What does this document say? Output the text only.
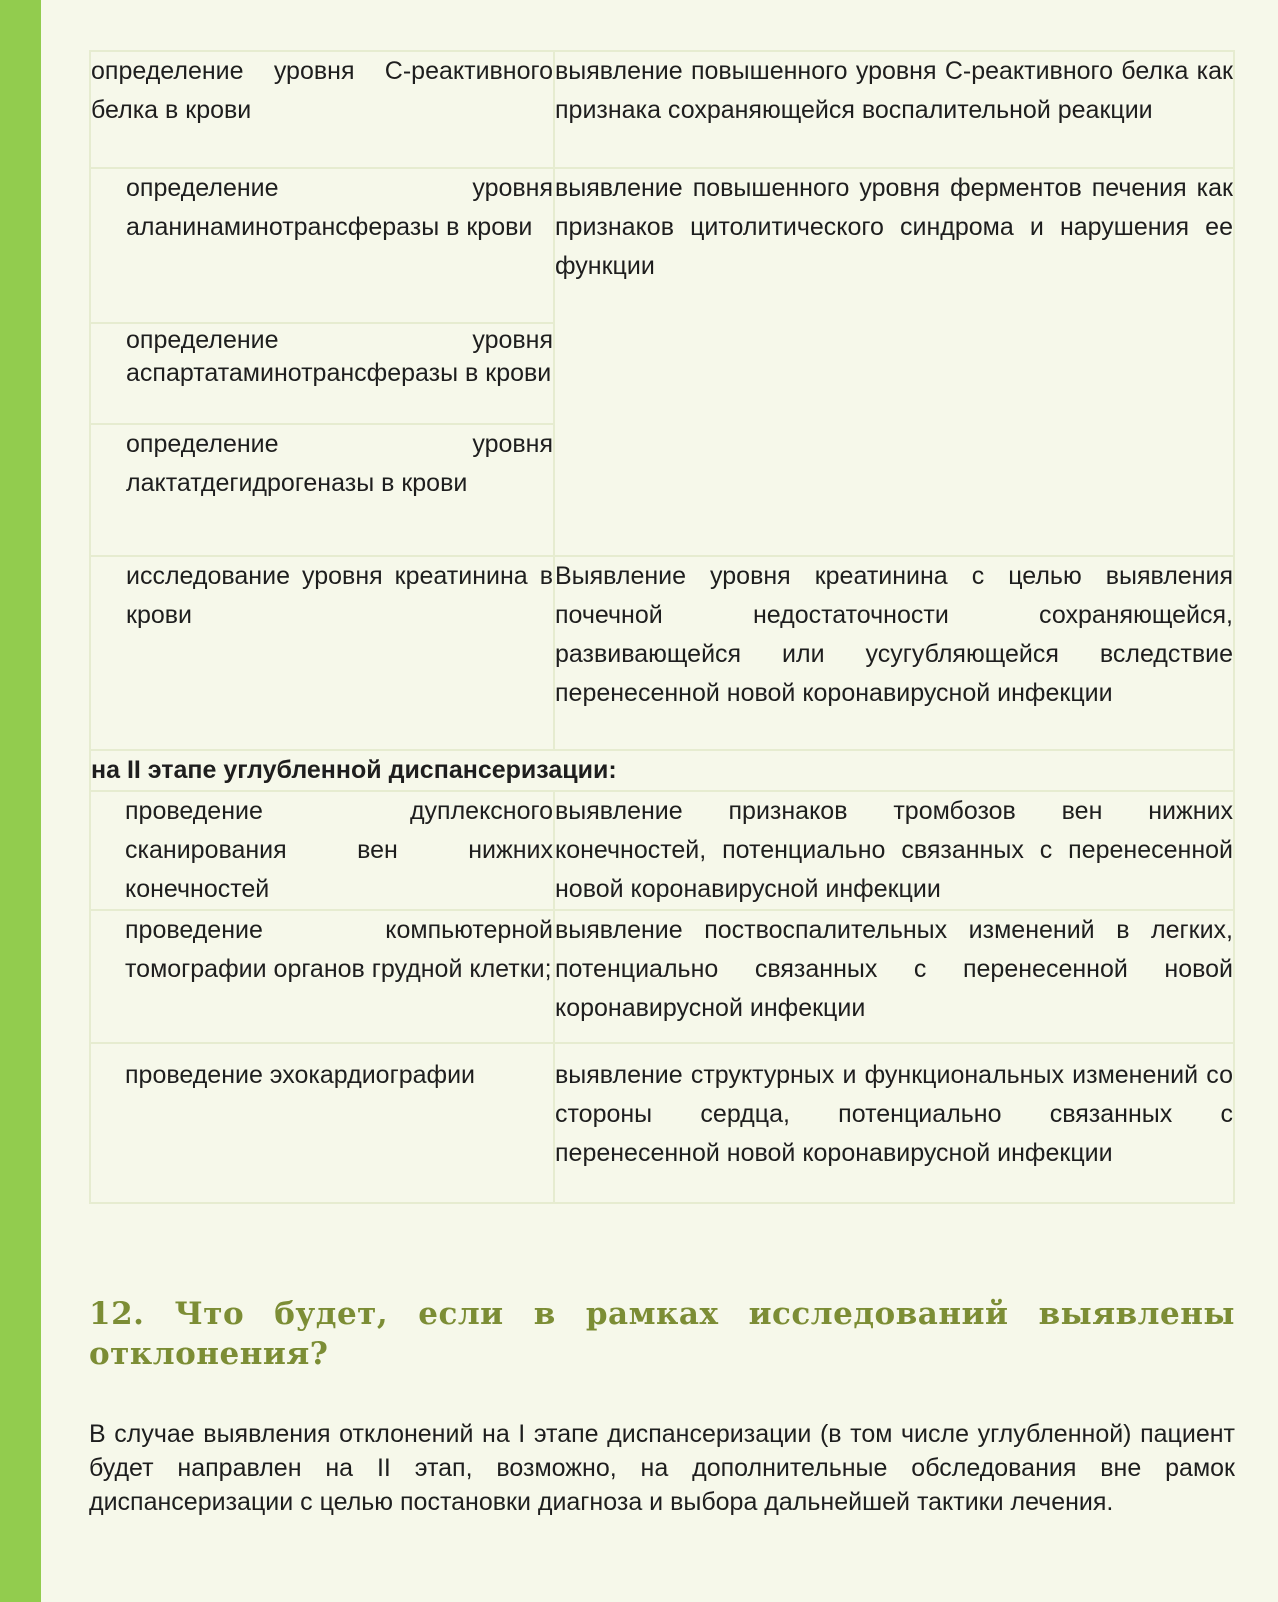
определение уровня С-реактивного белка в крови	выявление повышенного уровня С-реактивного белка как признака сохраняющейся воспалительной реакции
определение уровня аланинаминотрансферазы в крови	выявление повышенного уровня ферментов печения как признаков цитолитического синдрома и нарушения ее функции
определение уровня аспартатаминотрансферазы в крови	
определение уровня лактатдегидрогеназы в крови	
исследование уровня креатинина в крови	Выявление уровня креатинина с целью выявления почечной недостаточности сохраняющейся, развивающейся или усугубляющейся вследствие перенесенной новой коронавирусной инфекции
на II этапе углубленной диспансеризации:	
проведение дуплексного сканирования вен нижних конечностей	выявление признаков тромбозов вен нижних конечностей, потенциально связанных с перенесенной новой коронавирусной инфекции
проведение компьютерной томографии органов грудной клетки;	выявление поствоспалительных изменений в легких, потенциально связанных с перенесенной новой коронавирусной инфекции
проведение эхокардиографии	выявление структурных и функциональных изменений со стороны сердца, потенциально связанных с перенесенной новой коронавирусной инфекции
12. Что будет, если в рамках исследований выявлены отклонения?
В случае выявления отклонений на I этапе диспансеризации (в том числе углубленной) пациент будет направлен на II этап, возможно, на дополнительные обследования вне рамок диспансеризации с целью постановки диагноза и выбора дальнейшей тактики лечения.
